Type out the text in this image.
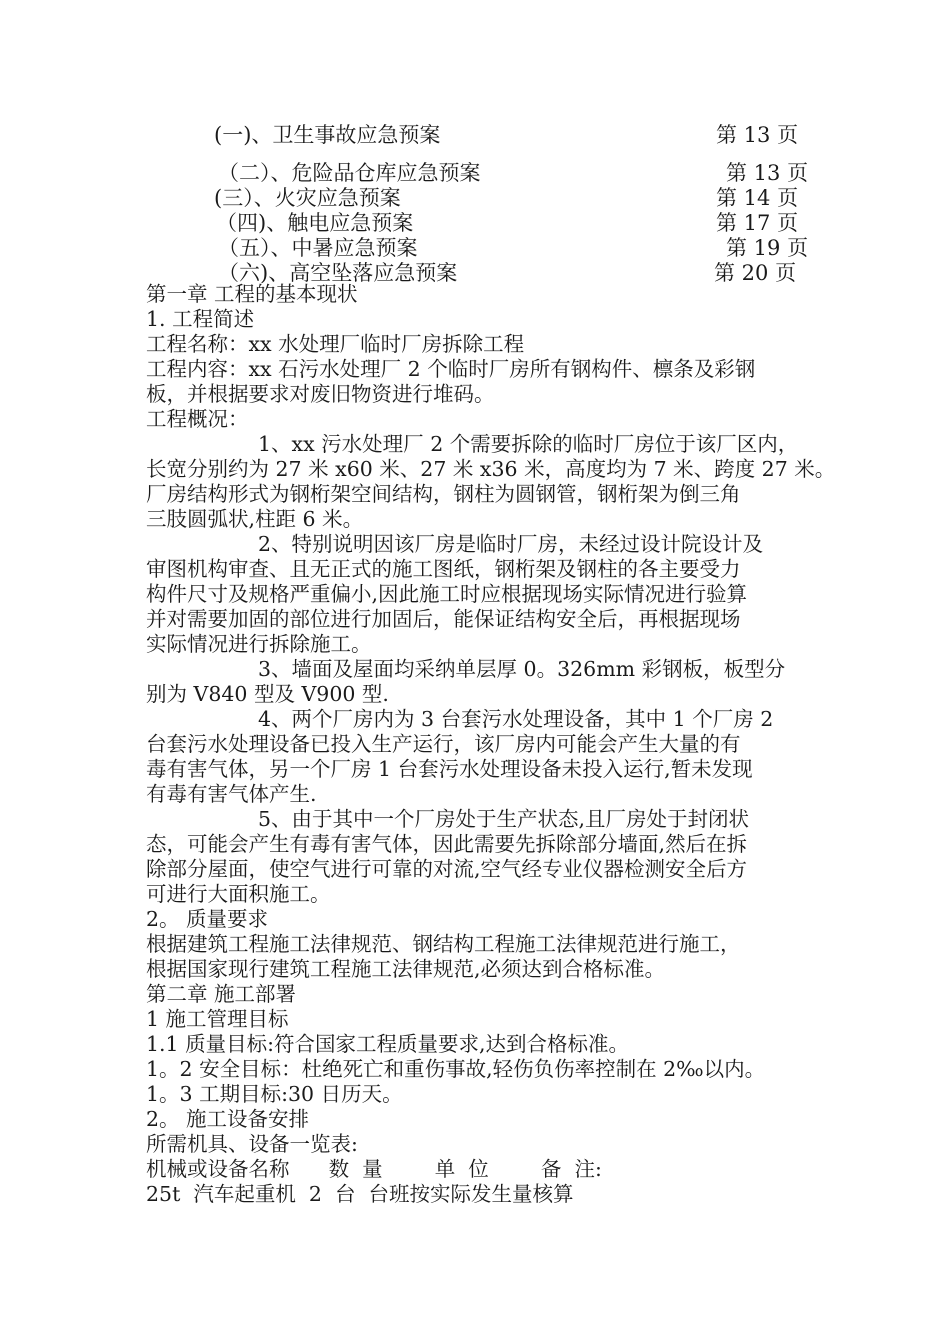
(一)、卫生事故应急预案	第 13 页
（二）、危险品仓库应急预案	第 13 页
(三）、火灾应急预案	第 14 页
（四)、触电应急预案	第 17 页
（五）、中暑应急预案	第 19 页
（六)、高空坠落应急预案	第 20 页
第一章 工程的基本现状
1. 工程简述
工程名称：xx 水处理厂临时厂房拆除工程
工程内容：xx 石污水处理厂 2 个临时厂房所有钢构件、檩条及彩钢
板，并根据要求对废旧物资进行堆码。
工程概况：
1、xx 污水处理厂 2 个需要拆除的临时厂房位于该厂区内，
长宽分别约为 27 米 x60 米、27 米 x36 米，高度均为 7 米、跨度 27 米。
厂房结构形式为钢桁架空间结构，钢柱为圆钢管，钢桁架为倒三角
三肢圆弧状,柱距 6 米。
2、特别说明因该厂房是临时厂房，未经过设计院设计及
审图机构审查、且无正式的施工图纸，钢桁架及钢柱的各主要受力
构件尺寸及规格严重偏小,因此施工时应根据现场实际情况进行验算
并对需要加固的部位进行加固后，能保证结构安全后，再根据现场
实际情况进行拆除施工。
3、墙面及屋面均采纳单层厚 0。326mm 彩钢板，板型分
别为 V840 型及 V900 型.
4、两个厂房内为 3 台套污水处理设备，其中 1 个厂房 2
台套污水处理设备已投入生产运行，该厂房内可能会产生大量的有
毒有害气体，另一个厂房 1 台套污水处理设备未投入运行,暂未发现
有毒有害气体产生.
5、由于其中一个厂房处于生产状态,且厂房处于封闭状
态，可能会产生有毒有害气体，因此需要先拆除部分墙面,然后在拆
除部分屋面，使空气进行可靠的对流,空气经专业仪器检测安全后方
可进行大面积施工。
2。 质量要求
根据建筑工程施工法律规范、钢结构工程施工法律规范进行施工，
根据国家现行建筑工程施工法律规范,必须达到合格标准。
第二章 施工部署
1 施工管理目标
1.1 质量目标:符合国家工程质量要求,达到合格标准。
1。2 安全目标：杜绝死亡和重伤事故,轻伤负伤率控制在 2‰以内。
1。3 工期目标:30 日历天。
2。 施工设备安排
所需机具、设备一览表:
机械或设备名称      数  量        单  位        备  注:
25t  汽车起重机  2  台  台班按实际发生量核算
